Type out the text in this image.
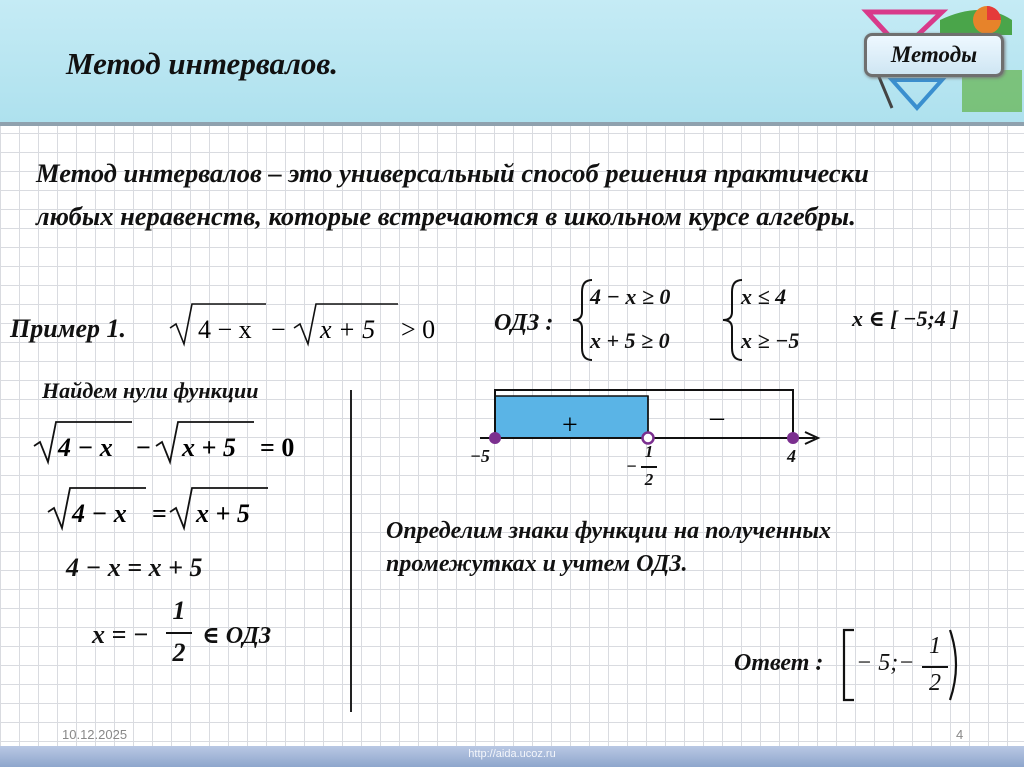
Метод интервалов.	Методы
Метод интервалов – это универсальный способ решения практически любых неравенств, которые встречаются в школьном курсе алгебры.
Пример 1.	4 − x − x + 5 > 0 ОДЗ :
4 − x ≥ 0
x + 5 ≥ 0
x ≤ 4
x ≥ −5
x ∈ [ −5;4 ]
Найдем нули функции
4 − x − x + 5 = 0
4 − x = x + 5
4 − x = x + 5
x = −
1
2
∈ ОДЗ
+	–
−5	−
1
2
4
Определим знаки функции на полученных промежутках и учтем ОДЗ.
Ответ : − 5;−
1
2
10.12.2025	4
http://aida.ucoz.ru
